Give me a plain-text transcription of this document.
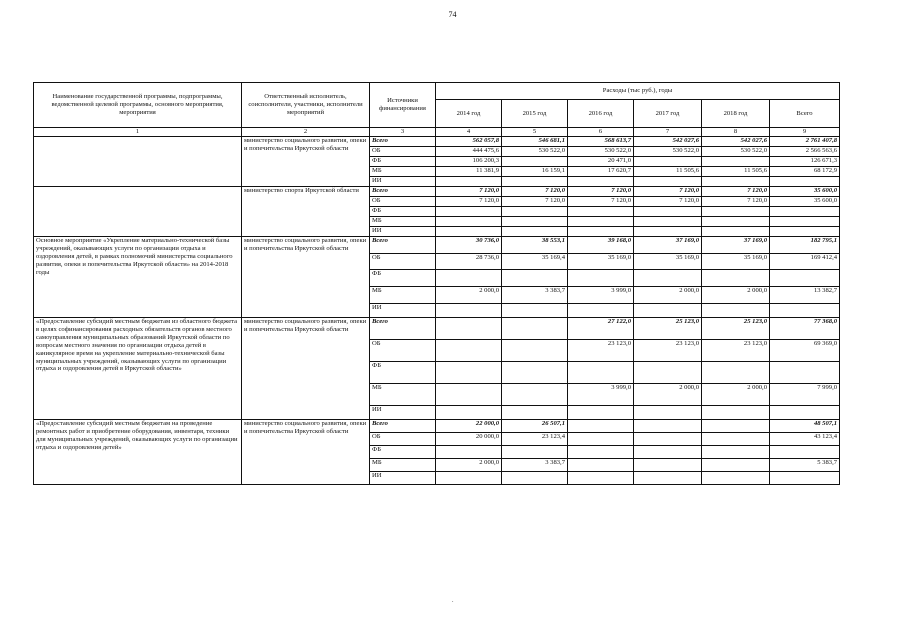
74
Наименование государственной программы, подпрограммы, ведомственной целевой программы, основного мероприятия, мероприятия	Ответственный исполнитель, соисполнители, участники, исполнители мероприятий	Источники финансирования	Расходы (тыс руб.), годы					
			2014 год	2015 год	2016 год	2017 год	2018 год	Всего
1	2	3	4	5	6	7	8	9
	министерство социального развития, опеки и попечительства Иркутской области	Всего	562 057,8	546 681,1	568 613,7	542 027,6	542 027,6	2 761 407,8
		ОБ	444 475,6	530 522,0	530 522,0	530 522,0	530 522,0	2 566 563,6
		ФБ	106 200,3		20 471,0			126 671,3
		МБ	11 381,9	16 159,1	17 620,7	11 505,6	11 505,6	68 172,9
		ИИ						
	министерство спорта Иркутской области	Всего	7 120,0	7 120,0	7 120,0	7 120,0	7 120,0	35 600,0
		ОБ	7 120,0	7 120,0	7 120,0	7 120,0	7 120,0	35 600,0
		ФБ						
		МБ						
		ИИ						
Основное мероприятие «Укрепление материально-технической базы учреждений, оказывающих услуги по организации отдыха и оздоровления детей, в рамках полномочий министерства социального развития, опеки и попечительства Иркутской области» на 2014-2018 годы	министерство социального развития, опеки и попечительства Иркутской области	Всего	30 736,0	38 553,1	39 168,0	37 169,0	37 169,0	182 795,1
		ОБ	28 736,0	35 169,4	35 169,0	35 169,0	35 169,0	169 412,4
		ФБ						
		МБ	2 000,0	3 383,7	3 999,0	2 000,0	2 000,0	13 382,7
		ИИ						
«Предоставление субсидий местным бюджетам из областного бюджета в целях софинансирования расходных обязательств органов местного самоуправления муниципальных образований Иркутской области по вопросам местного значения по организации отдыха детей в каникулярное время на укрепление материально-технической базы муниципальных учреждений, оказывающих услуги по организации отдыха и оздоровления детей в Иркутской области»	министерство социального развития, опеки и попечительства Иркутской области	Всего			27 122,0	25 123,0	25 123,0	77 368,0
		ОБ			23 123,0	23 123,0	23 123,0	69 369,0
		ФБ						
		МБ			3 999,0	2 000,0	2 000,0	7 999,0
		ИИ						
«Предоставление субсидий местным бюджетам на проведение ремонтных работ и приобретение оборудования, инвентаря, техники для муниципальных учреждений, оказывающих услуги по организации отдыха и оздоровления детей»	министерство социального развития, опеки и попечительства Иркутской области	Всего	22 000,0	26 507,1				48 507,1
		ОБ	20 000,0	23 123,4				43 123,4
		ФБ						
		МБ	2 000,0	3 383,7				5 383,7
		ИИ						
.
